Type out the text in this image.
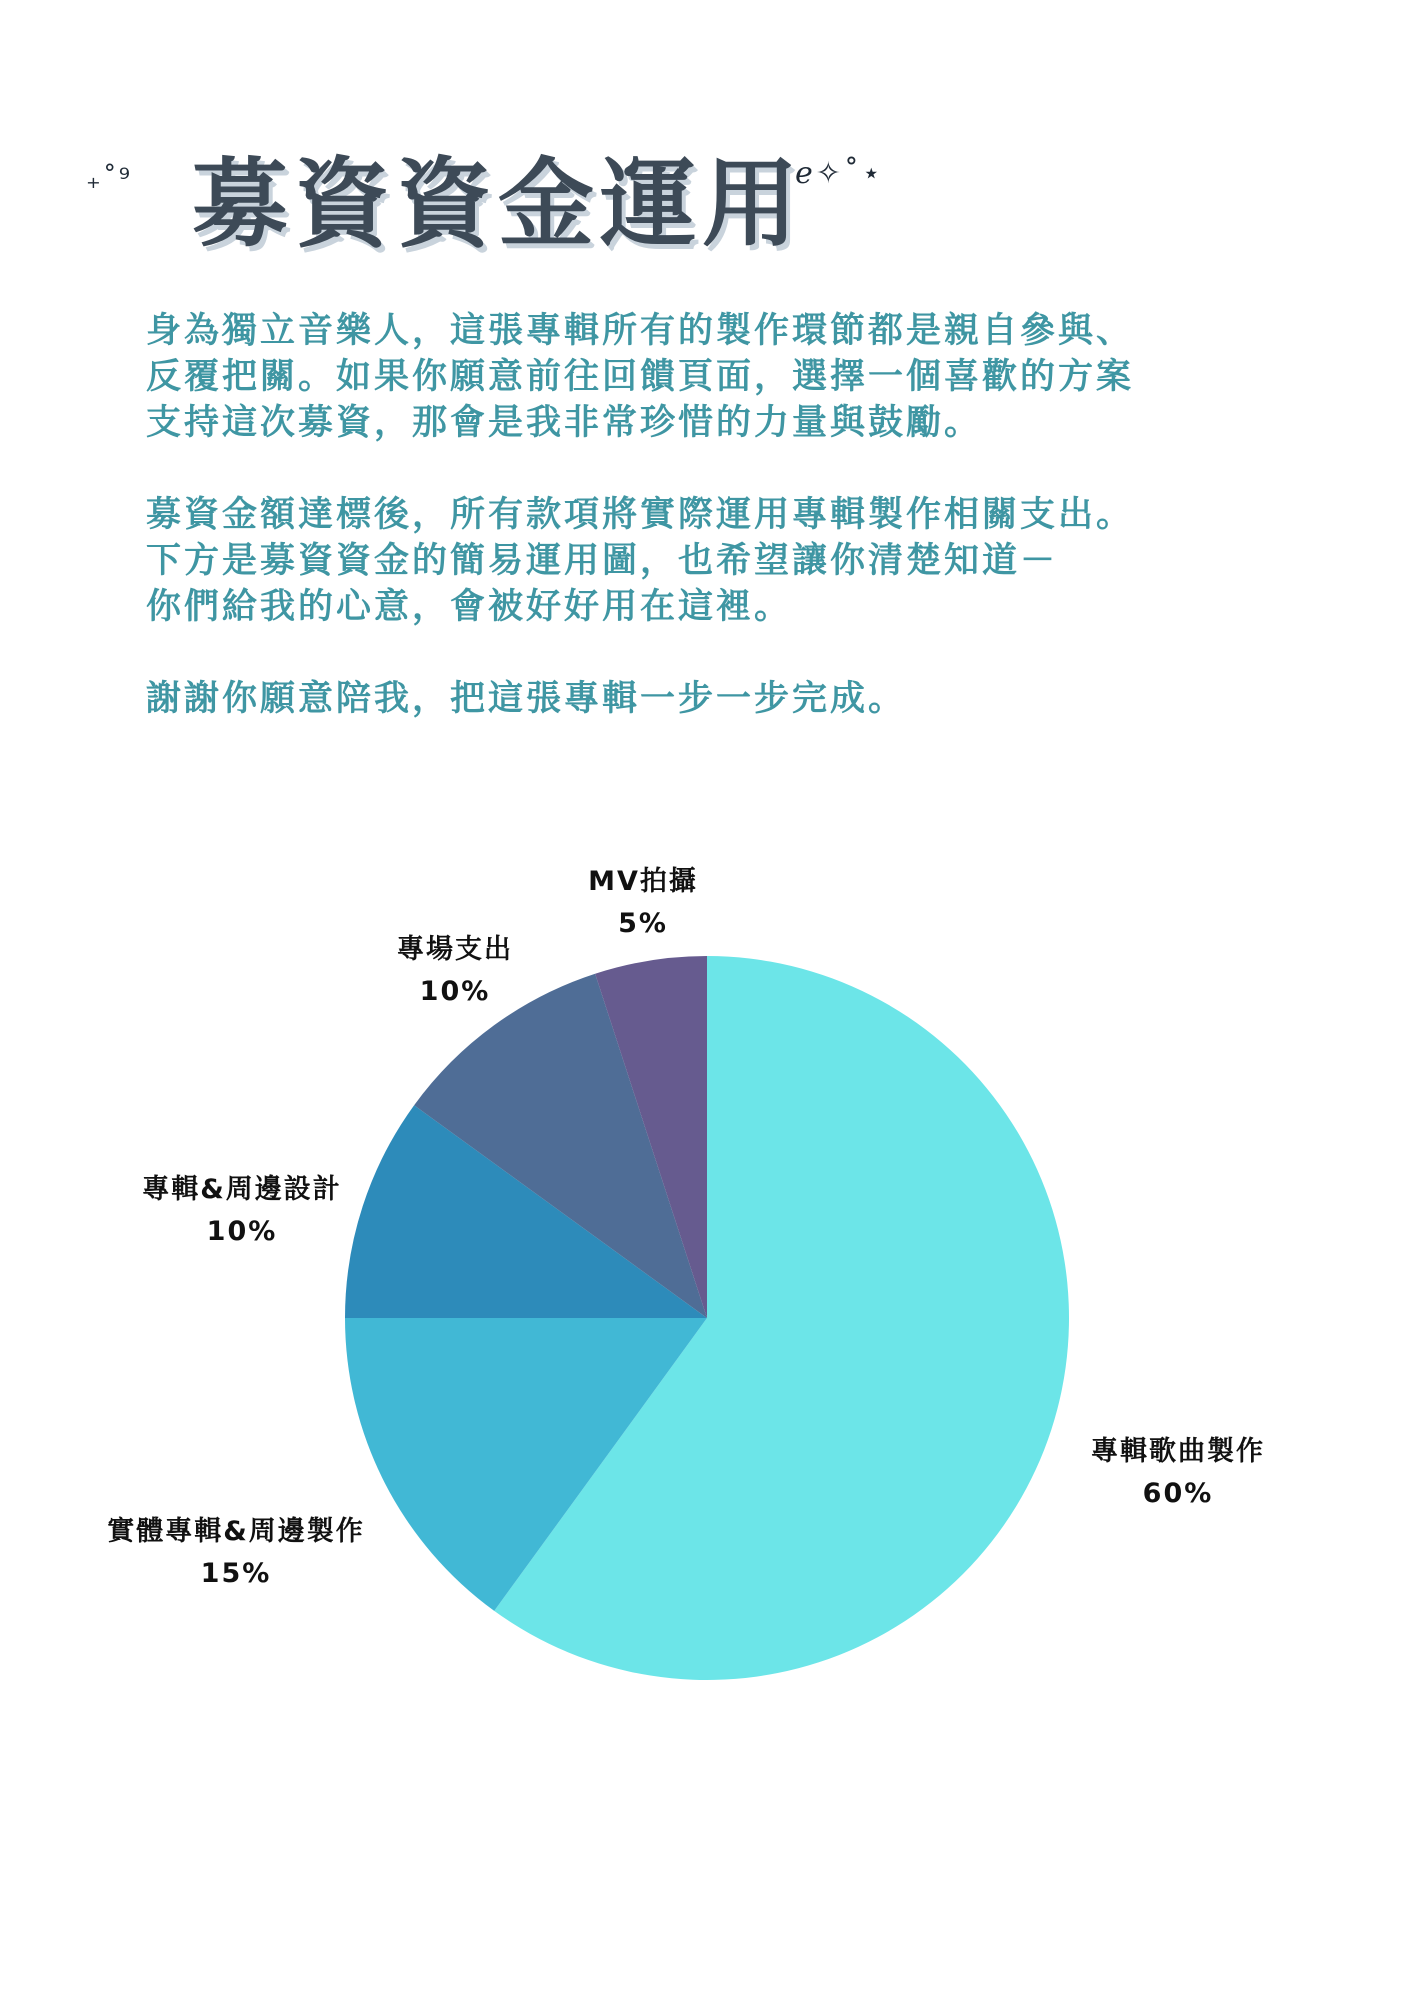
₊˚⁹ 募資資金運用
ℯ✧˚⋆

身為獨立音樂人，這張專輯所有的製作環節都是親自參與、
反覆把關。如果你願意前往回饋頁面，選擇一個喜歡的方案
支持這次募資，那會是我非常珍惜的力量與鼓勵。

募資金額達標後，所有款項將實際運用專輯製作相關支出。
下方是募資資金的簡易運用圖，也希望讓你清楚知道－
你們給我的心意，會被好好用在這裡。

謝謝你願意陪我，把這張專輯一步一步完成。

專輯歌曲製作
60%
實體專輯&周邊製作
15%
專輯&周邊設計
10%
專場支出
10%
MV拍攝
5%
